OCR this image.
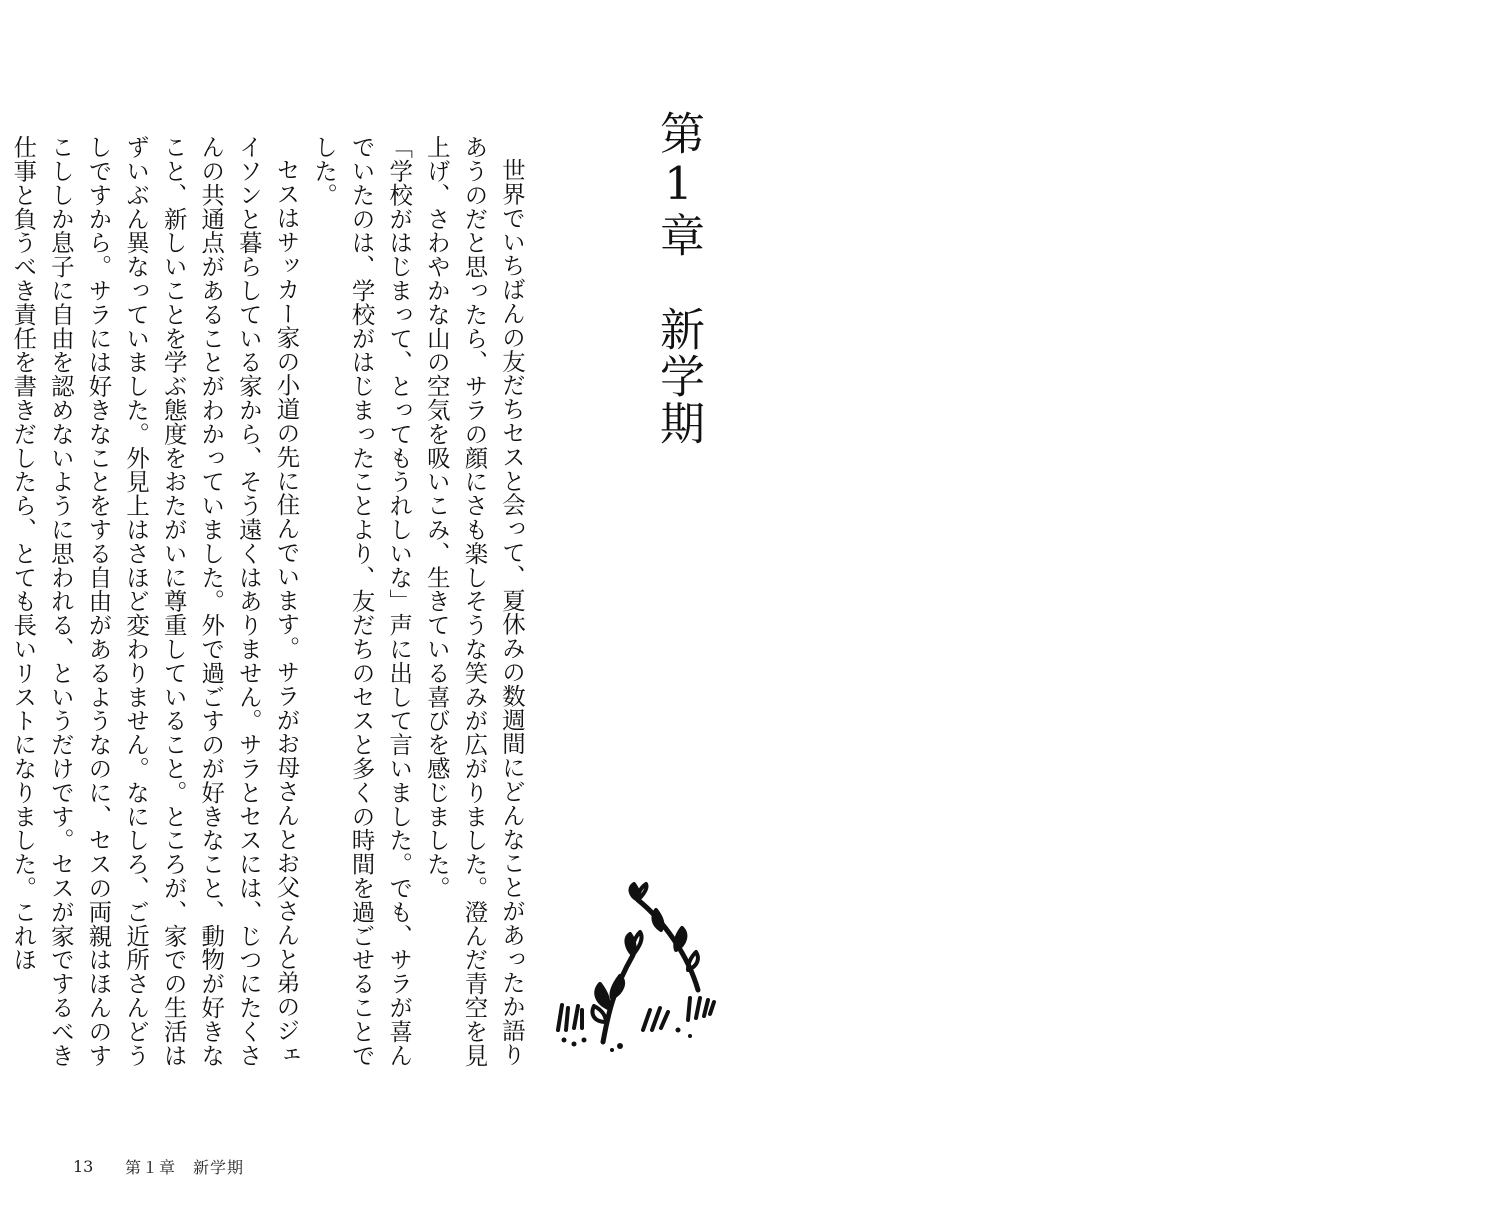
第1章　新学期

世界でいちばんの友だちセスと会って、夏休みの数週間にどんなことがあったか語りあうのだと思ったら、サラの顔にさも楽しそうな笑みが広がりました。澄んだ青空を見上げ、さわやかな山の空気を吸いこみ、生きている喜びを感じました。

「学校がはじまって、とってもうれしいな」声に出して言いました。でも、サラが喜んでいたのは、学校がはじまったことより、友だちのセスと多くの時間を過ごせることでした。

セスはサッカー家の小道の先に住んでいます。サラがお母さんとお父さんと弟のジェイソンと暮らしている家から、そう遠くはありません。サラとセスには、じつにたくさんの共通点があることがわかっていました。外で過ごすのが好きなこと、動物が好きなこと、新しいことを学ぶ態度をおたがいに尊重していること。ところが、家での生活はずいぶん異なっていました。外見上はさほど変わりません。なにしろ、ご近所さんどうしですから。サラには好きなことをする自由があるようなのに、セスの両親はほんのすこししか息子に自由を認めないように思われる、というだけです。セスが家でするべき仕事と負うべき責任を書きだしたら、とても長いリストになりました。これほ

13	第１章　新学期
